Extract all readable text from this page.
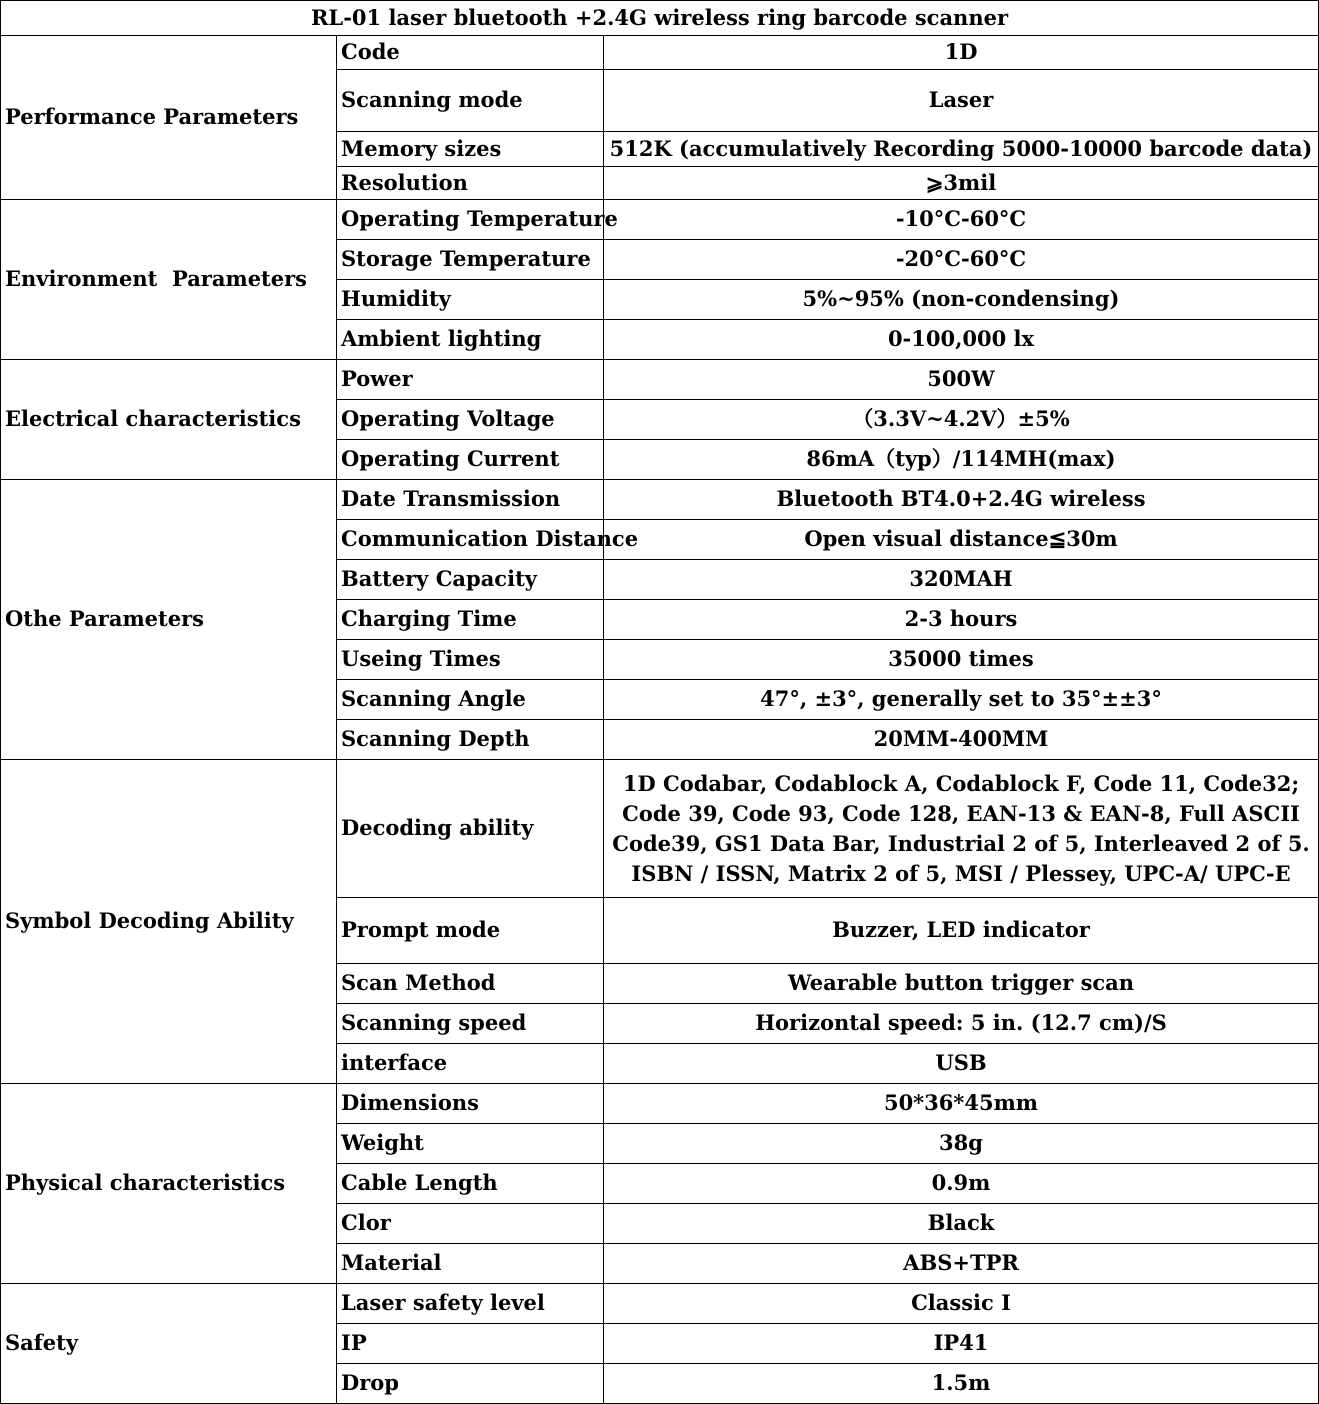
RL-01 laser bluetooth +2.4G wireless ring barcode scanner		
Performance Parameters	Code	1D
	Scanning mode	Laser
	Memory sizes	512K (accumulatively Recording 5000-10000 barcode data)
	Resolution	⩾3mil
Environment  Parameters	Operating Temperature	-10°C-60°C
	Storage Temperature	-20°C-60°C
	Humidity	5%~95% (non-condensing)
	Ambient lighting	0-100,000 lx
Electrical characteristics	Power	500W
	Operating Voltage	（3.3V~4.2V）±5%
	Operating Current	86mA（typ）/114MH(max)
Othe Parameters	Date Transmission	Bluetooth BT4.0+2.4G wireless
	Communication Distance	Open visual distance≦30m
	Battery Capacity	320MAH
	Charging Time	2-3 hours
	Useing Times	35000 times
	Scanning Angle	47°, ±3°, generally set to 35°±±3°
	Scanning Depth	20MM-400MM
Symbol Decoding Ability	Decoding ability	1D Codabar, Codablock A, Codablock F, Code 11, Code32; Code 39, Code 93, Code 128, EAN-13 & EAN-8, Full ASCII Code39, GS1 Data Bar, Industrial 2 of 5, Interleaved 2 of 5. ISBN / ISSN, Matrix 2 of 5, MSI / Plessey, UPC-A/ UPC-E
	Prompt mode	Buzzer, LED indicator
	Scan Method	Wearable button trigger scan
	Scanning speed	Horizontal speed: 5 in. (12.7 cm)/S
	interface	USB
Physical characteristics	Dimensions	50*36*45mm
	Weight	38g
	Cable Length	0.9m
	Clor	Black
	Material	ABS+TPR
Safety	Laser safety level	Classic I
	IP	IP41
	Drop	1.5m
